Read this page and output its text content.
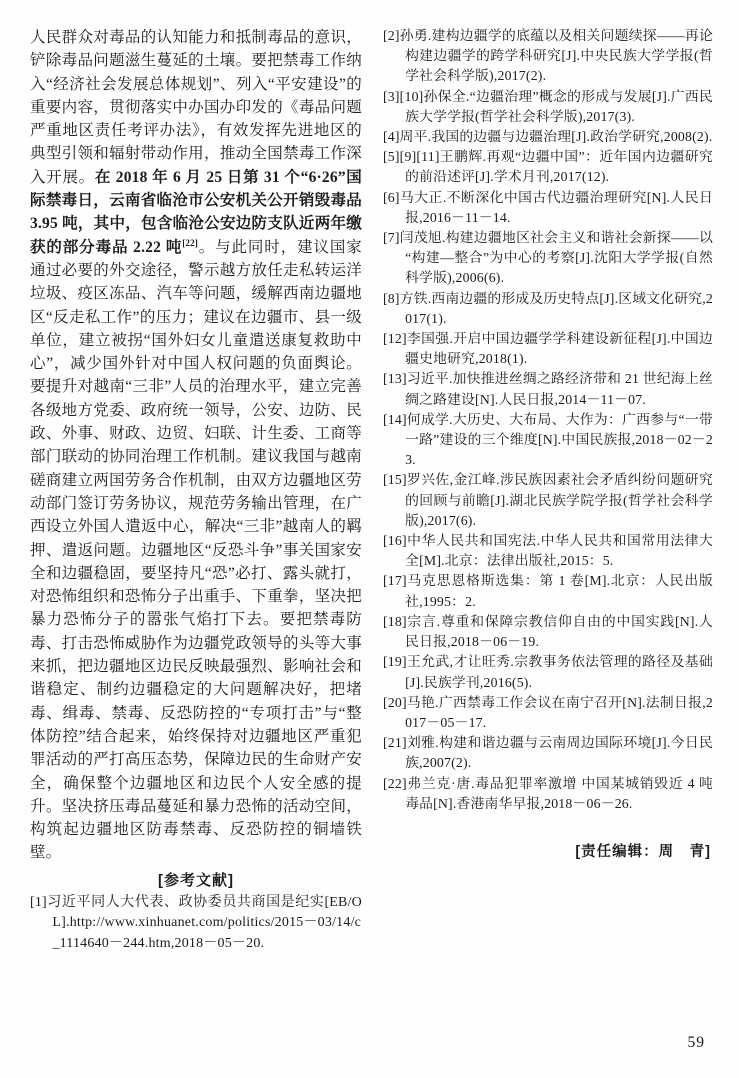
人民群众对毒品的认知能力和抵制毒品的意识，铲除毒品问题滋生蔓延的土壤。要把禁毒工作纳入“经济社会发展总体规划”、列入“平安建设”的重要内容，贯彻落实中办国办印发的《毒品问题严重地区责任考评办法》，有效发挥先进地区的典型引领和辐射带动作用，推动全国禁毒工作深入开展。在 2018 年 6 月 25 日第 31 个“6·26”国际禁毒日，云南省临沧市公安机关公开销毁毒品 3.95 吨，其中，包含临沧公安边防支队近两年缴获的部分毒品 2.22 吨[22]。与此同时，建议国家通过必要的外交途径，警示越方放任走私转运洋垃圾、疫区冻品、汽车等问题，缓解西南边疆地区“反走私工作”的压力；建议在边疆市、县一级单位，建立被拐“国外妇女儿童遣送康复救助中心”，减少国外针对中国人权问题的负面舆论。要提升对越南“三非”人员的治理水平，建立完善各级地方党委、政府统一领导，公安、边防、民政、外事、财政、边贸、妇联、计生委、工商等部门联动的协同治理工作机制。建议我国与越南磋商建立两国劳务合作机制，由双方边疆地区劳动部门签订劳务协议，规范劳务输出管理，在广西设立外国人遣返中心，解决“三非”越南人的羁押、遣返问题。边疆地区“反恐斗争”事关国家安全和边疆稳固，要坚持凡“恐”必打、露头就打，对恐怖组织和恐怖分子出重手、下重拳，坚决把暴力恐怖分子的嚣张气焰打下去。要把禁毒防毒、打击恐怖威胁作为边疆党政领导的头等大事来抓，把边疆地区边民反映最强烈、影响社会和谐稳定、制约边疆稳定的大问题解决好，把堵毒、缉毒、禁毒、反恐防控的“专项打击”与“整体防控”结合起来，始终保持对边疆地区严重犯罪活动的严打高压态势，保障边民的生命财产安全，确保整个边疆地区和边民个人安全感的提升。坚决挤压毒品蔓延和暴力恐怖的活动空间，构筑起边疆地区防毒禁毒、反恐防控的铜墙铁壁。

[参考文献]

[1]习近平同人大代表、政协委员共商国是纪实[EB/OL].http://www.xinhuanet.com/politics/2015－03/14/c_1114640－244.htm,2018－05－20.

[2]孙勇.建构边疆学的底蕴以及相关问题续探——再论构建边疆学的跨学科研究[J].中央民族大学学报(哲学社会科学版),2017(2).

[3][10]孙保全.“边疆治理”概念的形成与发展[J].广西民族大学学报(哲学社会科学版),2017(3).

[4]周平.我国的边疆与边疆治理[J].政治学研究,2008(2).

[5][9][11]王鹏辉.再观“边疆中国”：近年国内边疆研究的前沿述评[J].学术月刊,2017(12).

[6]马大正.不断深化中国古代边疆治理研究[N].人民日报,2016－11－14.

[7]闫茂旭.构建边疆地区社会主义和谐社会新探——以“构建—整合”为中心的考察[J].沈阳大学学报(自然科学版),2006(6).

[8]方铁.西南边疆的形成及历史特点[J].区域文化研究,2017(1).

[12]李国强.开启中国边疆学学科建设新征程[J].中国边疆史地研究,2018(1).

[13]习近平.加快推进丝绸之路经济带和 21 世纪海上丝绸之路建设[N].人民日报,2014－11－07.

[14]何成学.大历史、大布局、大作为：广西参与“一带一路”建设的三个维度[N].中国民族报,2018－02－23.

[15]罗兴佐,金江峰.涉民族因素社会矛盾纠纷问题研究的回顾与前瞻[J].湖北民族学院学报(哲学社会科学版),2017(6).

[16]中华人民共和国宪法.中华人民共和国常用法律大全[M].北京：法律出版社,2015：5.

[17]马克思恩格斯选集：第 1 卷[M].北京：人民出版社,1995：2.

[18]宗言.尊重和保障宗教信仰自由的中国实践[N].人民日报,2018－06－19.

[19]王允武,才让旺秀.宗教事务依法管理的路径及基础[J].民族学刊,2016(5).

[20]马艳.广西禁毒工作会议在南宁召开[N].法制日报,2017－05－17.

[21]刘雅.构建和谐边疆与云南周边国际环境[J].今日民族,2007(2).

[22]弗兰克·唐.毒品犯罪率激增 中国某城销毁近 4 吨毒品[N].香港南华早报,2018－06－26.

[责任编辑：周　青]

59
